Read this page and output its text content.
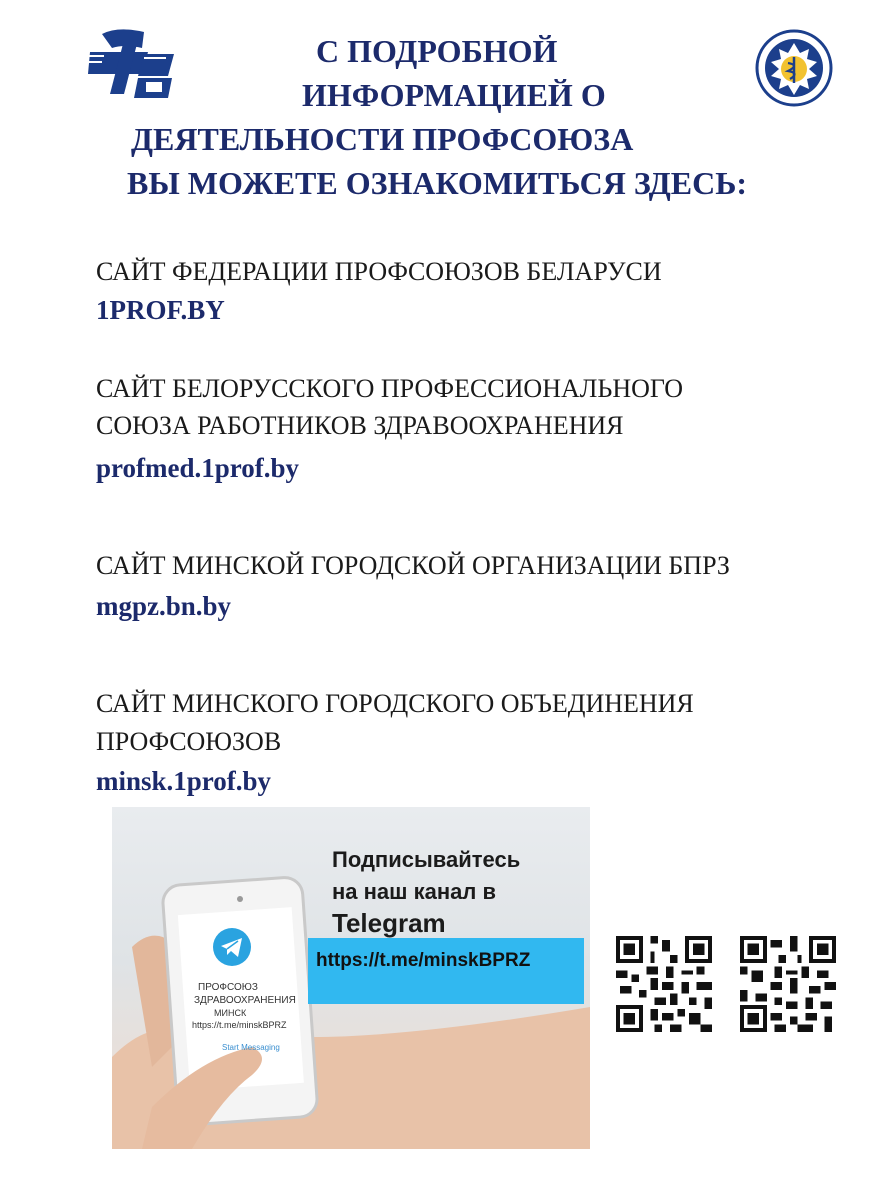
С ПОДРОБНОЙ
ИНФОРМАЦИЕЙ О
ДЕЯТЕЛЬНОСТИ ПРОФСОЮЗА
ВЫ МОЖЕТЕ ОЗНАКОМИТЬСЯ ЗДЕСЬ:
САЙТ ФЕДЕРАЦИИ ПРОФСОЮЗОВ БЕЛАРУСИ
1PROF.BY
САЙТ БЕЛОРУССКОГО ПРОФЕССИОНАЛЬНОГО
СОЮЗА РАБОТНИКОВ ЗДРАВООХРАНЕНИЯ
profmed.1prof.by
САЙТ МИНСКОЙ ГОРОДСКОЙ ОРГАНИЗАЦИИ БПРЗ
mgpz.bn.by
САЙТ МИНСКОГО ГОРОДСКОГО ОБЪЕДИНЕНИЯ
ПРОФСОЮЗОВ
minsk.1prof.by
ПРОФСОЮЗ
ЗДРАВООХРАНЕНИЯ
МИНСК
https://t.me/minskBPRZ
Start Messaging
Подписывайтесь
на наш канал в
Telegram
https://t.me/minskBPRZ
